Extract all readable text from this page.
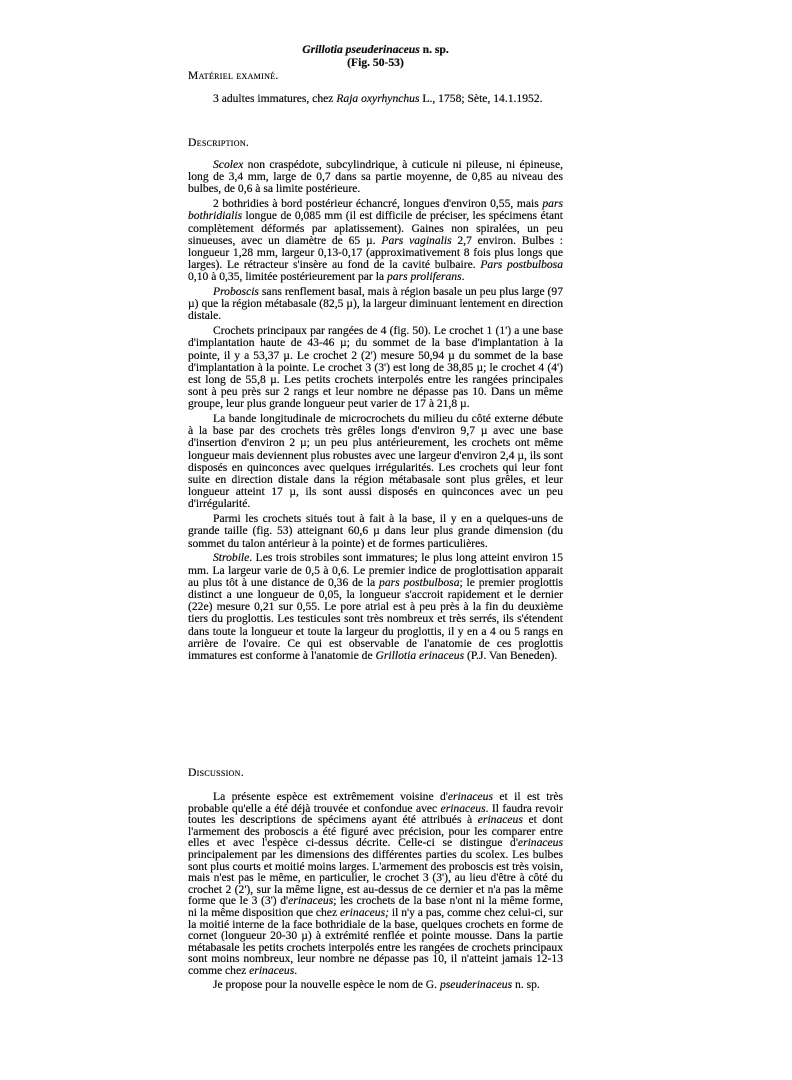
Grillotia pseuderinaceus n. sp.
(Fig. 50-53)
Matériel examiné.

3 adultes immatures, chez Raja oxyrhynchus L., 1758; Sète, 14.1.1952.

Description.

Scolex non craspédote, subcylindrique, à cuticule ni pileuse, ni épineuse, long de 3,4 mm, large de 0,7 dans sa partie moyenne, de 0,85 au niveau des bulbes, de 0,6 à sa limite postérieure.

2 bothridies à bord postérieur échancré, longues d'environ 0,55, mais pars bothridialis longue de 0,085 mm (il est difficile de préciser, les spécimens étant complètement déformés par aplatissement). Gaines non spiralées, un peu sinueuses, avec un diamètre de 65 µ. Pars vaginalis 2,7 environ. Bulbes : longueur 1,28 mm, largeur 0,13-0,17 (approximativement 8 fois plus longs que larges). Le rétracteur s'insère au fond de la cavité bulbaire. Pars postbulbosa 0,10 à 0,35, limitée postérieurement par la pars proliferans.

Proboscis sans renflement basal, mais à région basale un peu plus large (97 µ) que la région métabasale (82,5 µ), la largeur diminuant lentement en direction distale.

Crochets principaux par rangées de 4 (fig. 50). Le crochet 1 (1') a une base d'implantation haute de 43-46 µ; du sommet de la base d'implantation à la pointe, il y a 53,37 µ. Le crochet 2 (2') mesure 50,94 µ du sommet de la base d'implantation à la pointe. Le crochet 3 (3') est long de 38,85 µ; le crochet 4 (4') est long de 55,8 µ. Les petits crochets interpolés entre les rangées principales sont à peu près sur 2 rangs et leur nombre ne dépasse pas 10. Dans un même groupe, leur plus grande longueur peut varier de 17 à 21,8 µ.

La bande longitudinale de microcrochets du milieu du côté externe débute à la base par des crochets très grêles longs d'environ 9,7 µ avec une base d'insertion d'environ 2 µ; un peu plus antérieurement, les crochets ont même longueur mais deviennent plus robustes avec une largeur d'environ 2,4 µ, ils sont disposés en quinconces avec quelques irrégularités. Les crochets qui leur font suite en direction distale dans la région métabasale sont plus grêles, et leur longueur atteint 17 µ, ils sont aussi disposés en quinconces avec un peu d'irrégularité.

Parmi les crochets situés tout à fait à la base, il y en a quelques-uns de grande taille (fig. 53) atteignant 60,6 µ dans leur plus grande dimension (du sommet du talon antérieur à la pointe) et de formes particulières.

Strobile. Les trois strobiles sont immatures; le plus long atteint environ 15 mm. La largeur varie de 0,5 à 0,6. Le premier indice de proglottisation apparait au plus tôt à une distance de 0,36 de la pars postbulbosa; le premier proglottis distinct a une longueur de 0,05, la longueur s'accroit rapidement et le dernier (22e) mesure 0,21 sur 0,55. Le pore atrial est à peu près à la fin du deuxième tiers du proglottis. Les testicules sont très nombreux et très serrés, ils s'étendent dans toute la longueur et toute la largeur du proglottis, il y en a 4 ou 5 rangs en arrière de l'ovaire. Ce qui est observable de l'anatomie de ces proglottis immatures est conforme à l'anatomie de Grillotia erinaceus (P.J. Van Beneden).

Discussion.

La présente espèce est extrêmement voisine d'erinaceus et il est très probable qu'elle a été déjà trouvée et confondue avec erinaceus. Il faudra revoir toutes les descriptions de spécimens ayant été attribués à erinaceus et dont l'armement des proboscis a été figuré avec précision, pour les comparer entre elles et avec l'espèce ci-dessus décrite. Celle-ci se distingue d'erinaceus principalement par les dimensions des différentes parties du scolex. Les bulbes sont plus courts et moitié moins larges. L'armement des proboscis est très voisin, mais n'est pas le même, en particulier, le crochet 3 (3'), au lieu d'être à côté du crochet 2 (2'), sur la même ligne, est au-dessus de ce dernier et n'a pas la même forme que le 3 (3') d'erinaceus; les crochets de la base n'ont ni la même forme, ni la même disposition que chez erinaceus; il n'y a pas, comme chez celui-ci, sur la moitié interne de la face bothridiale de la base, quelques crochets en forme de cornet (longueur 20-30 µ) à extrémité renflée et pointe mousse. Dans la partie métabasale les petits crochets interpolés entre les rangées de crochets principaux sont moins nombreux, leur nombre ne dépasse pas 10, il n'atteint jamais 12-13 comme chez erinaceus.

Je propose pour la nouvelle espèce le nom de G. pseuderinaceus n. sp.
